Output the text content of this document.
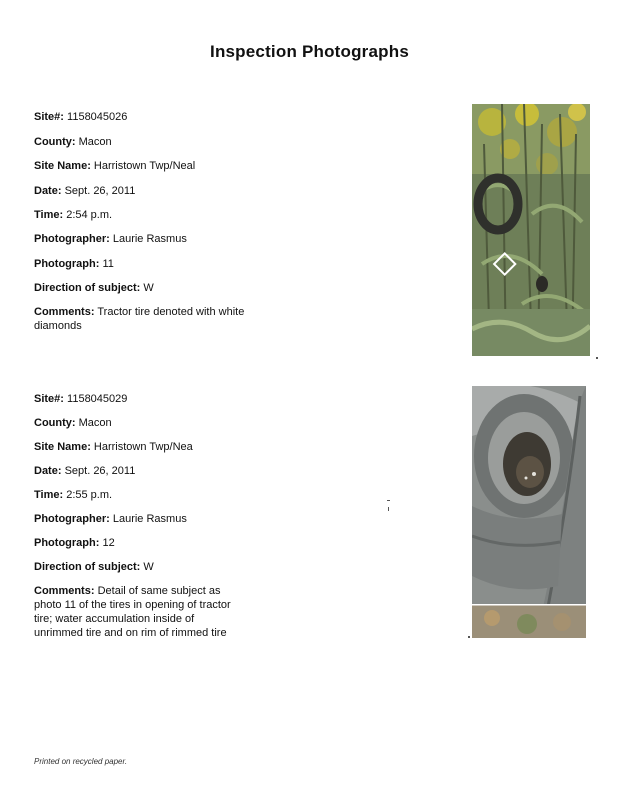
Inspection Photographs
Site#: 1158045026
County: Macon
Site Name: Harristown Twp/Neal
Date: Sept. 26, 2011
Time: 2:54 p.m.
Photographer: Laurie Rasmus
Photograph: 11
Direction of subject: W
Comments: Tractor tire denoted with white diamonds
Site#: 1158045029
County: Macon
Site Name: Harristown Twp/Nea
Date: Sept. 26, 2011
Time: 2:55 p.m.
Photographer: Laurie Rasmus
Photograph: 12
Direction of subject: W
Comments: Detail of same subject as photo 11 of the tires in opening of tractor tire; water accumulation inside of unrimmed tire and on rim of rimmed tire
Printed on recycled paper.
